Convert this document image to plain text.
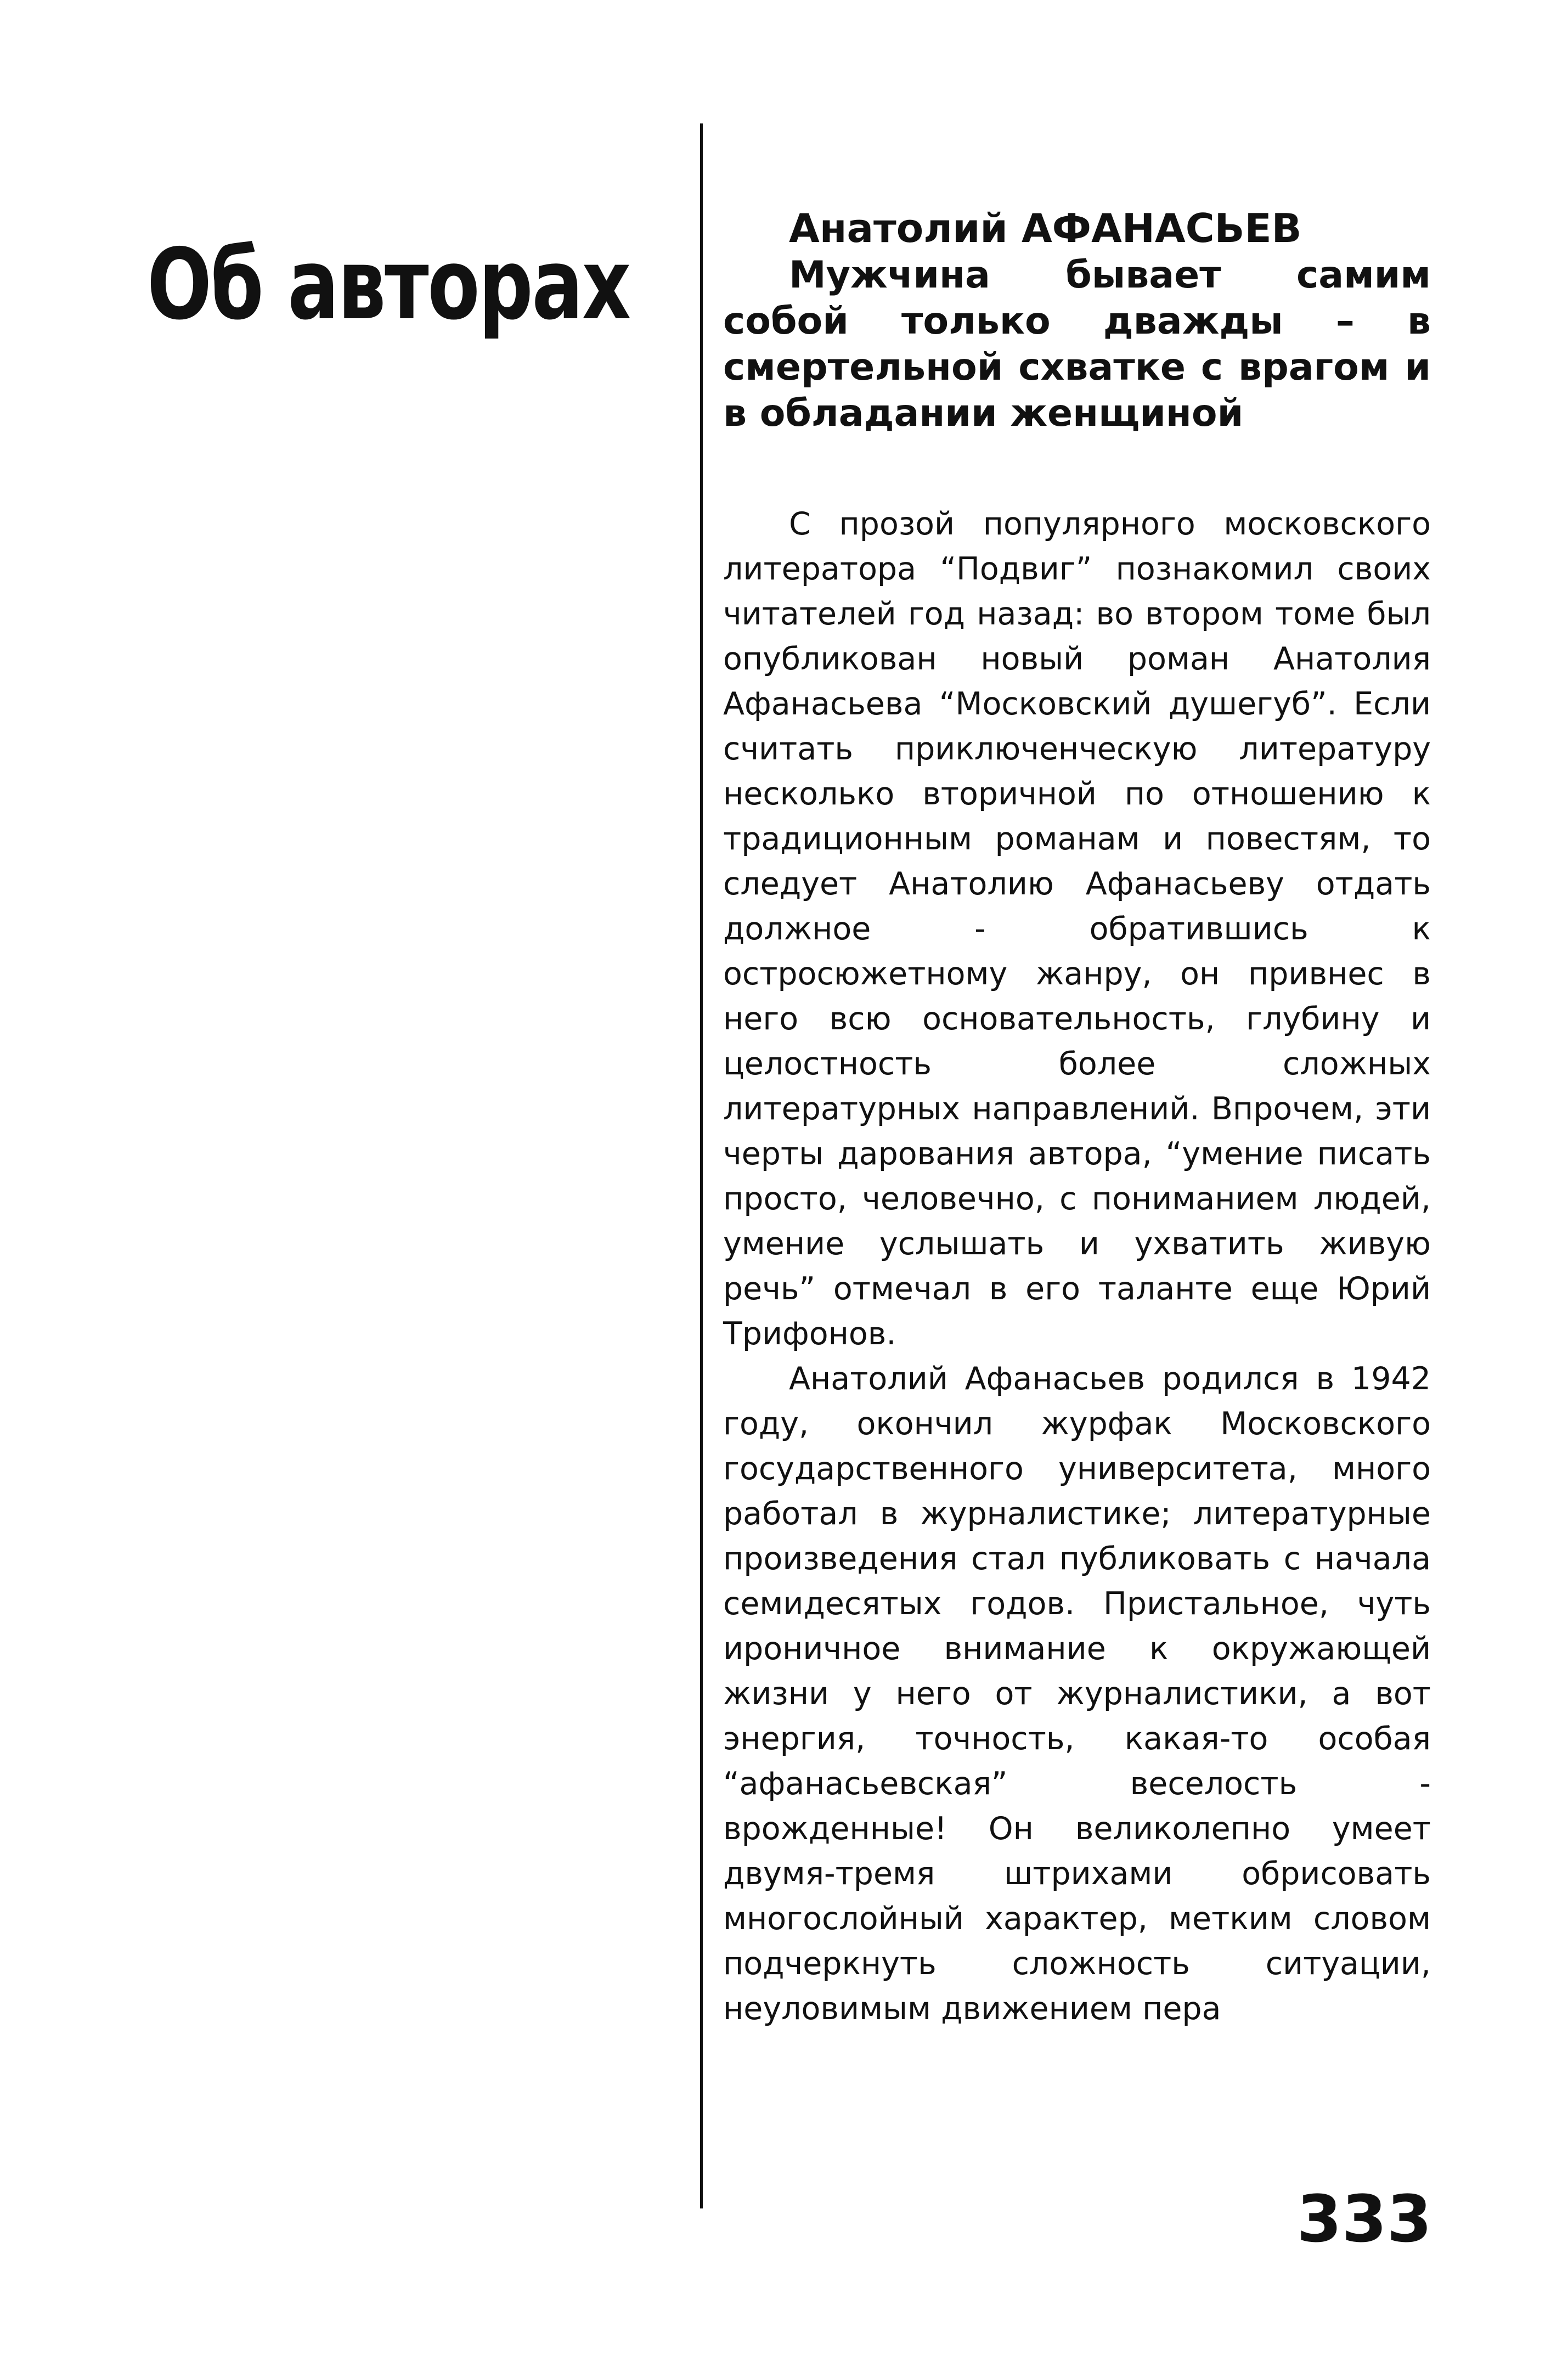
Об авторах	Анатолий АФАНАСЬЕВ

Мужчина бывает самим собой только дважды – в смертельной схватке с врагом и в обладании женщиной

С прозой популярного московского литератора “Подвиг” познакомил своих читателей год назад: во втором томе был опубликован новый роман Анатолия Афанасьева “Московский душегуб”. Если считать приключенческую литературу несколько вторичной по отношению к традиционным романам и повестям, то следует Анатолию Афанасьеву отдать должное - обратившись к остросюжетному жанру, он привнес в него всю основательность, глубину и целостность более сложных литературных направлений. Впрочем, эти черты дарования автора, “умение писать просто, человечно, с пониманием людей, умение услышать и ухватить живую речь” отмечал в его таланте еще Юрий Трифонов.

Анатолий Афанасьев родился в 1942 году, окончил журфак Московского государственного университета, много работал в журналистике; литературные произведения стал публиковать с начала семидесятых годов. Пристальное, чуть ироничное внимание к окружающей жизни у него от журналистики, а вот энергия, точность, какая-то особая “афанасьевская” веселость - врожденные! Он великолепно умеет двумя-тремя штрихами обрисовать многослойный характер, метким словом подчеркнуть сложность ситуации, неуловимым движением пера

333
